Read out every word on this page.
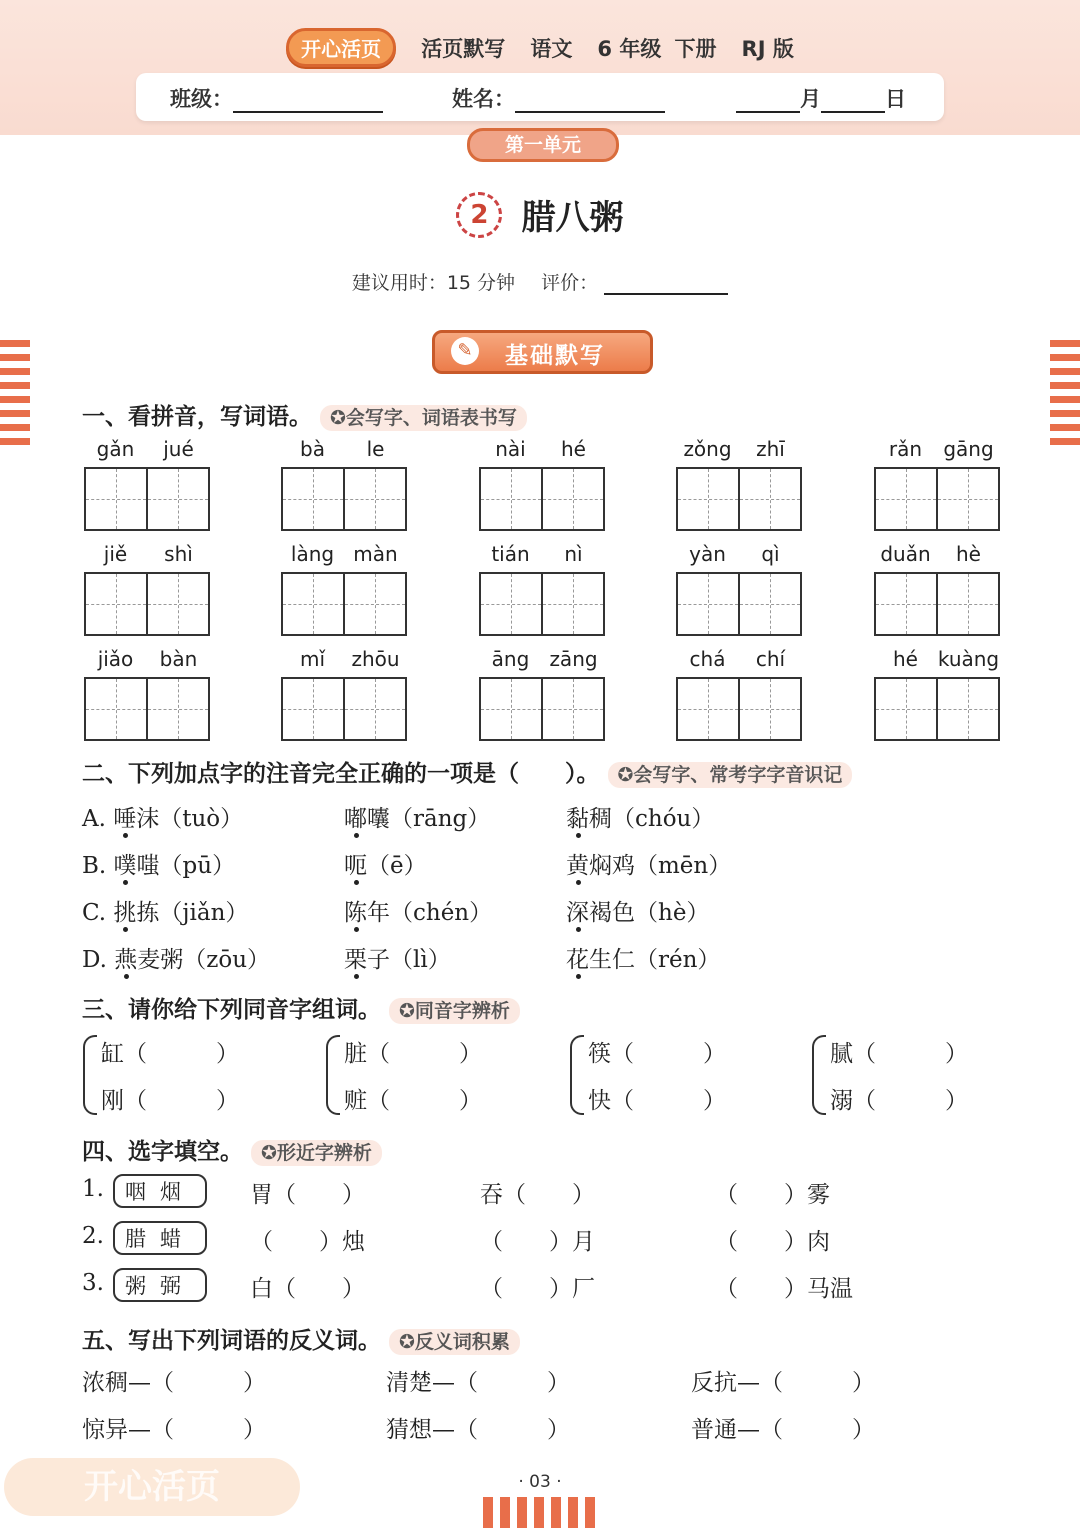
开心活页 活页默写 语文 6 年级 下册 RJ 版
班级：	姓名：	月	日
第一单元
2 腊八粥
建议用时：15 分钟 评价：
✎ 基础默写
一、看拼音，写词语。 ✪会写字、词语表书写
gǎn	jué	bà	le	nài	hé	zǒng	zhī	rǎn	gāng
jiě	shì	làng màn	tián	nì	yàn	qì	duǎn	hè
jiǎo	bàn	mǐ	zhōu	āng	zāng	chá	chí	hé kuàng
二、下列加点字的注音完全正确的一项是（　　）。 ✪会写字、常考字字音识记
A. 唾沫（tuò）	嘟囔（rāng）	黏稠（chóu）
B. 噗嗤（pū）	呃（ē）	黄焖鸡（mēn）
C. 挑拣（jiǎn）	陈年（chén）	深褐色（hè）
D. 燕麦粥（zōu）	栗子（lì）	花生仁（rén）
三、请你给下列同音字组词。 ✪同音字辨析
缸（　　　）
刚（　　　）
脏（　　　）
赃（　　　）
筷（　　　）
快（　　　）
腻（　　　）
溺（　　　）
四、选字填空。 ✪形近字辨析
1.	咽烟	胃（　　）	吞（　　）	（　　）雾
2.	腊蜡	（　　）烛	（　　）月	（　　）肉
3.	粥弼	白（　　）	（　　）厂	（　　）马温
五、写出下列词语的反义词。 ✪反义词积累
浓稠—（　　　）	清楚—（　　　）	反抗—（　　　）
惊异—（　　　）	猜想—（　　　）	普通—（　　　）
开心活页	· 03 ·
